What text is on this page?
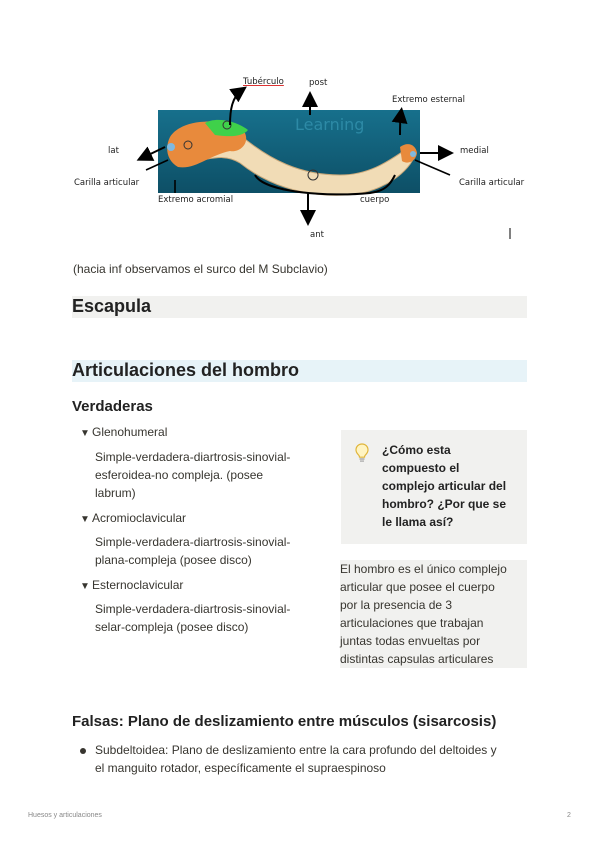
Learning
Tubérculo	post
Extremo esternal
lat	medial
Carilla articular	Carilla articular
Extremo acromial	cuerpo
ant
(hacia inf observamos el surco del M Subclavio)
Escapula
Articulaciones del hombro
Verdaderas
▼ Glenohumeral
Simple-verdadera-diartrosis-sinovial-
esferoidea-no compleja. (posee
labrum)
▼ Acromioclavicular
Simple-verdadera-diartrosis-sinovial-
plana-compleja (posee disco)
▼ Esternoclavicular
Simple-verdadera-diartrosis-sinovial-
selar-compleja (posee disco)
¿Cómo esta
compuesto el
complejo articular del
hombro? ¿Por que se
le llama así?
El hombro es el único complejo
articular que posee el cuerpo
por la presencia de 3
articulaciones que trabajan
juntas todas envueltas por
distintas capsulas articulares
Falsas: Plano de deslizamiento entre músculos (sisarcosis)
Subdeltoidea: Plano de deslizamiento entre la cara profundo del deltoides y
el manguito rotador, específicamente el supraespinoso
Huesos y articulaciones	2
